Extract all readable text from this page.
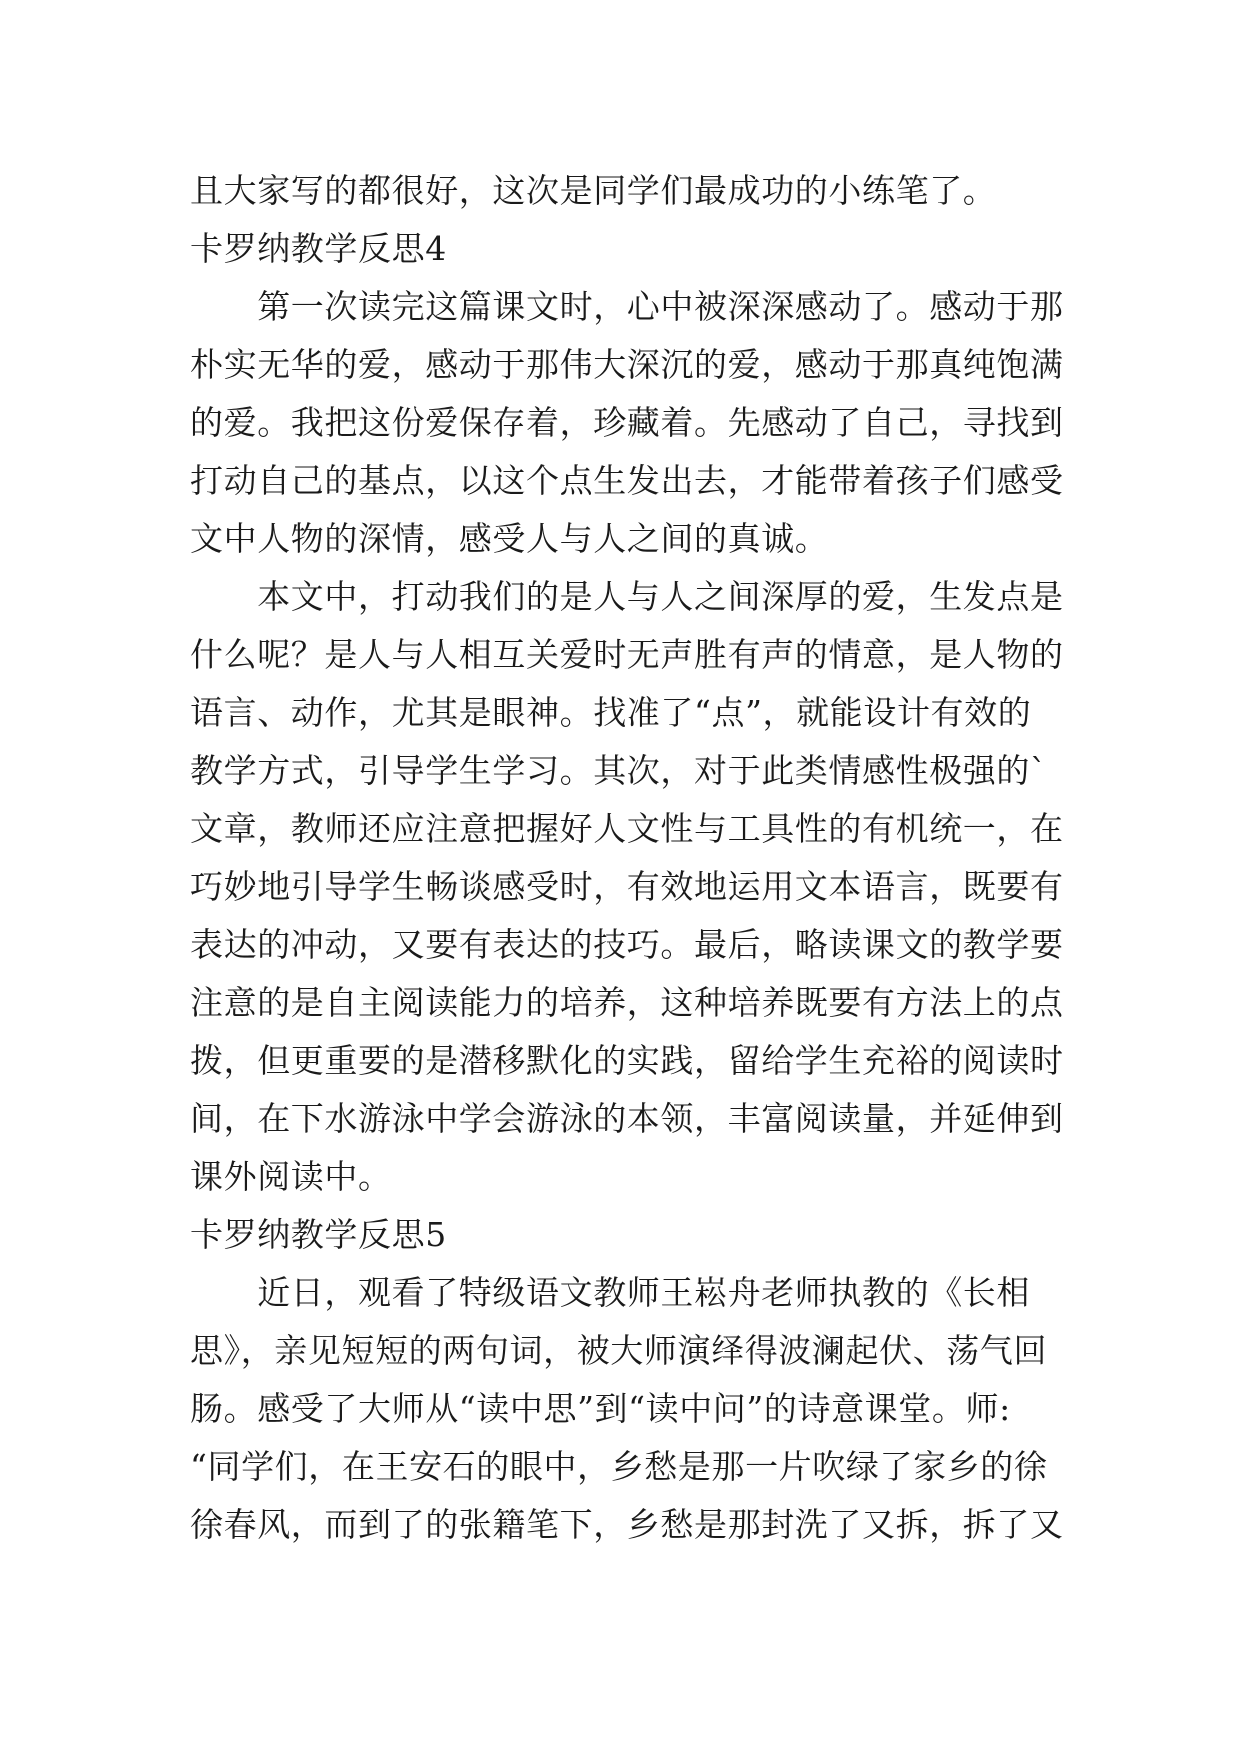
且大家写的都很好，这次是同学们最成功的小练笔了。
卡罗纳教学反思4
　　第一次读完这篇课文时，心中被深深感动了。感动于那
朴实无华的爱，感动于那伟大深沉的爱，感动于那真纯饱满
的爱。我把这份爱保存着，珍藏着。先感动了自己，寻找到
打动自己的基点，以这个点生发出去，才能带着孩子们感受
文中人物的深情，感受人与人之间的真诚。
　　本文中，打动我们的是人与人之间深厚的爱，生发点是
什么呢？是人与人相互关爱时无声胜有声的情意，是人物的
语言、动作，尤其是眼神。找准了“点”，就能设计有效的
教学方式，引导学生学习。其次，对于此类情感性极强的`
文章，教师还应注意把握好人文性与工具性的有机统一，在
巧妙地引导学生畅谈感受时，有效地运用文本语言，既要有
表达的冲动，又要有表达的技巧。最后，略读课文的教学要
注意的是自主阅读能力的培养，这种培养既要有方法上的点
拨，但更重要的是潜移默化的实践，留给学生充裕的阅读时
间，在下水游泳中学会游泳的本领，丰富阅读量，并延伸到
课外阅读中。
卡罗纳教学反思5
　　近日，观看了特级语文教师王崧舟老师执教的《长相
思》，亲见短短的两句词，被大师演绎得波澜起伏、荡气回
肠。感受了大师从“读中思”到“读中问”的诗意课堂。师:
“同学们，在王安石的眼中，乡愁是那一片吹绿了家乡的徐
徐春风，而到了的张籍笔下，乡愁是那封洗了又拆，拆了又
